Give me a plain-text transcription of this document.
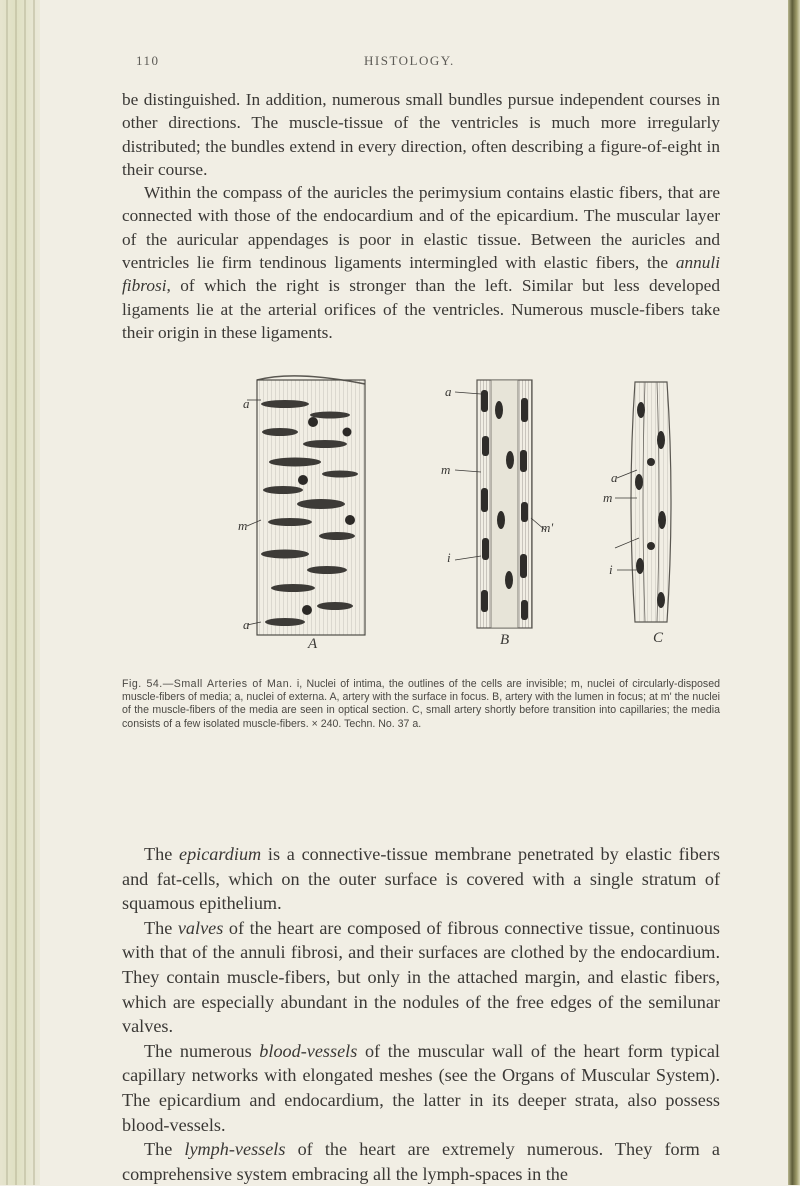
110	HISTOLOGY.

be distinguished. In addition, numerous small bundles pursue independent courses in other directions. The muscle-tissue of the ventricles is much more irregularly distributed; the bundles extend in every direction, often describing a figure-of-eight in their course.

Within the compass of the auricles the perimysium contains elastic fibers, that are connected with those of the endocardium and of the epicardium. The muscular layer of the auricular appendages is poor in elastic tissue. Between the auricles and ventricles lie firm tendinous ligaments intermingled with elastic fibers, the annuli fibrosi, of which the right is stronger than the left. Similar but less developed ligaments lie at the arterial orifices of the ventricles. Numerous muscle-fibers take their origin in these ligaments.

a
m
a
a
m
i
m'
a
m
i
A	B	C
Fig. 54.—Small Arteries of Man. i, Nuclei of intima, the outlines of the cells are invisible; m, nuclei of circularly-disposed muscle-fibers of media; a, nuclei of externa. A, artery with the surface in focus. B, artery with the lumen in focus; at m' the nuclei of the muscle-fibers of the media are seen in optical section. C, small artery shortly before transition into capillaries; the media consists of a few isolated muscle-fibers. × 240. Techn. No. 37 a.

The epicardium is a connective-tissue membrane penetrated by elastic fibers and fat-cells, which on the outer surface is covered with a single stratum of squamous epithelium.

The valves of the heart are composed of fibrous connective tissue, continuous with that of the annuli fibrosi, and their surfaces are clothed by the endocardium. They contain muscle-fibers, but only in the attached margin, and elastic fibers, which are especially abundant in the nodules of the free edges of the semilunar valves.

The numerous blood-vessels of the muscular wall of the heart form typical capillary networks with elongated meshes (see the Organs of Muscular System). The epicardium and endocardium, the latter in its deeper strata, also possess blood-vessels.

The lymph-vessels of the heart are extremely numerous. They form a comprehensive system embracing all the lymph-spaces in the
